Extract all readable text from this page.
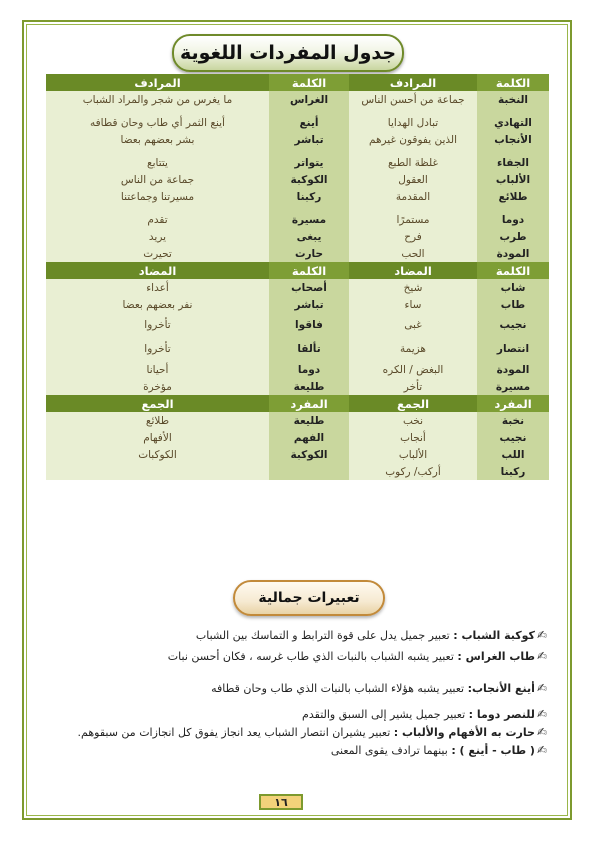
جدول المفردات اللغوية
الكلمة	المرادف	الكلمة	المرادف
النخبة	جماعة من أحسن الناس	الغراس	ما يغرس من شجر والمراد الشباب

التهادي	تبادل الهدايا	أينع	أينع الثمر أي طاب وحان قطافه
الأنجاب	الذين يفوقون غيرهم	تباشر	بشر بعضهم بعضا

الجفاء	غلظة الطبع	يتواتر	يتتابع
الألباب	العقول	الكوكبة	جماعة من الناس
طلائع	المقدمة	ركبنا	مسيرتنا وجماعتنا

دوما	مستمرًا	مسيرة	تقدم
طرب	فرح	يبغى	يريد
المودة	الحب	حارت	تحيرت
الكلمة	المضاد	الكلمة	المضاد
شاب	شيخ	أصحاب	أعداء
طاب	ساء	تباشر	نفر بعضهم بعضا
نجيب	غبى	فاقوا	تأخروا
انتصار	هزيمة	تألقا	تأخروا
المودة	البغض / الكره	دوما	أحيانا
مسيرة	تأخر	طليعة	مؤخرة
المفرد	الجمع	المفرد	الجمع
نخبة	نخب	طليعة	طلائع
نجيب	أنجاب	الفهم	الأفهام
اللب	الألباب	الكوكبة	الكوكبات
ركبنا	أركب/ ركوب		
تعبيرات جمالية
✍كوكبة الشباب : تعبير جميل يدل على قوة الترابط و التماسك بين الشباب
✍طاب الغراس : تعبير يشبه الشباب بالنبات الذي طاب غرسه ، فكان أحسن نبات
✍أينع الأنجاب: تعبير يشبه هؤلاء الشباب بالنبات الذي طاب وحان قطافه
✍للنصر دوما : تعبير جميل يشير إلى السبق والتقدم
✍حارت به الأفهام والألباب : تعبير يشيران انتصار الشباب يعد انجاز يفوق كل انجازات من سبقوهم.
✍( طاب - أينع ) : بينهما ترادف يقوى المعنى
١٦
